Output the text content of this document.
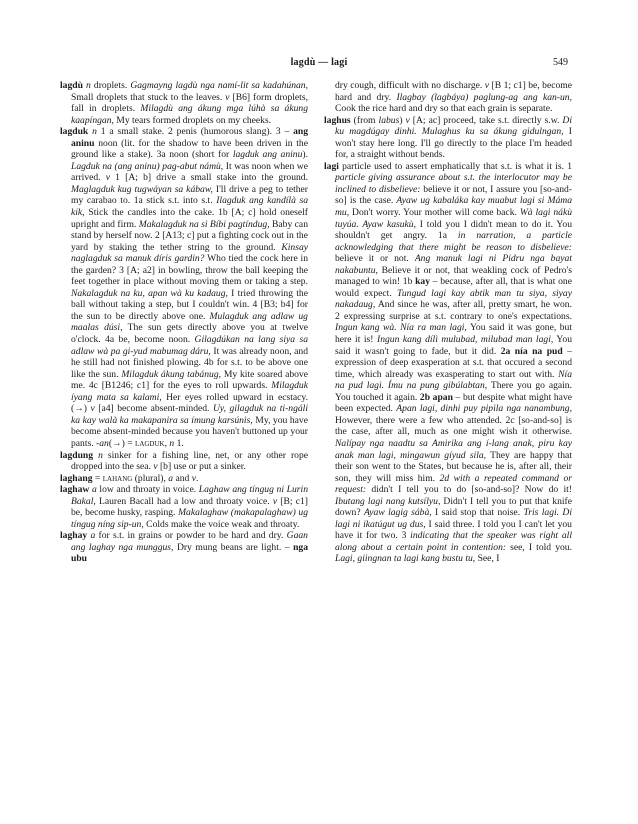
lagdù — lagi	549

lagdù n droplets. Gagmayng lagdù nga namí-lit sa kadahúnan, Small droplets that stuck to the leaves. v [B6] form droplets, fall in droplets. Milagdù ang ákung mga lúhà sa ákung kaapíngan, My tears formed droplets on my cheeks.

lagduk n 1 a small stake. 2 penis (humorous slang). 3 – ang aninu noon (lit. for the shadow to have been driven in the ground like a stake). 3a noon (short for lagduk ang aninu). Lagduk na (ang aninu) pag-abut námù, It was noon when we arrived. v 1 [A; b] drive a small stake into the ground. Maglagduk kug tugwáyan sa kábaw, I'll drive a peg to tether my carabao to. 1a stick s.t. into s.t. Ilagduk ang kandílà sa kik, Stick the candles into the cake. 1b [A; c] hold oneself upright and firm. Makalagduk na si Bíbi pagtíndug, Baby can stand by herself now. 2 [A13; c] put a fighting cock out in the yard by staking the tether string to the ground. Kinsay naglagduk sa manuk díris gardin? Who tied the cock here in the garden? 3 [A; a2] in bowling, throw the ball keeping the feet together in place without moving them or taking a step. Nakalagduk na ku, apan wà ku kadaug, I tried throwing the ball without taking a step, but I couldn't win. 4 [B3; b4] for the sun to be directly above one. Mulagduk ang adlaw ug maalas dúsi, The sun gets directly above you at twelve o'clock. 4a be, become noon. Gilagdúkan na lang siya sa adlaw wà pa gi-yud mabumag dáru, It was already noon, and he still had not finished plowing. 4b for s.t. to be above one like the sun. Milagduk ákung tabánug, My kite soared above me. 4c [B1246; c1] for the eyes to roll upwards. Milagduk íyang mata sa kalami, Her eyes rolled upward in ecstacy. (→) v [a4] become absent-minded. Uy, gilagduk na ti-ngáli ka kay walà ka makapanira sa ímung karsúnis, My, you have become absent-minded because you haven't buttoned up your pants. -an(→) = lagduk, n 1.

lagdung n sinker for a fishing line, net, or any other rope dropped into the sea. v [b] use or put a sinker.

laghang = lahang (plural), a and v.

laghaw a low and throaty in voice. Laghaw ang tíngug ni Lurin Bakal, Lauren Bacall had a low and throaty voice. v [B; c1] be, become husky, rasping. Makalaghaw (makapalaghaw) ug tíngug níng sip-un, Colds make the voice weak and throaty.

laghay a for s.t. in grains or powder to be hard and dry. Gaan ang laghay nga munggus, Dry mung beans are light. – nga ubu

dry cough, difficult with no discharge. v [B 1; c1] be, become hard and dry. Ilagbay (lagbáya) paglung-ag ang kan-un, Cook the rice hard and dry so that each grain is separate.

laghus (from labus) v [A; ac] proceed, take s.t. directly s.w. Di ku magdúgay dinhi. Mulaghus ku sa ákung gidulngan, I won't stay here long. I'll go directly to the place I'm headed for, a straight without bends.

lagi particle used to assert emphatically that s.t. is what it is. 1 particle giving assurance about s.t. the interlocutor may be inclined to disbelieve: believe it or not, I assure you [so-and-so] is the case. Ayaw ug kabaláka kay muabut lagi si Máma mu, Don't worry. Your mother will come back. Wà lagi nákù tuyúa. Ayaw kasukù, I told you I didn't mean to do it. You shouldn't get angry. 1a in narration, a particle acknowledging that there might be reason to disbelieve: believe it or not. Ang manuk lagi ni Pidru nga bayat nakabuntu, Believe it or not, that weakling cock of Pedro's managed to win! 1b kay – because, after all, that is what one would expect. Tungud lagi kay abtik man tu siya, siyay nakadaug, And since he was, after all, pretty smart, he won. 2 expressing surprise at s.t. contrary to one's expectations. Ingun kang wà. Nía ra man lagi, You said it was gone, but here it is! Ingun kang dílì mulubad, milubad man lagi, You said it wasn't going to fade, but it did. 2a nía na pud – expression of deep exasperation at s.t. that occured a second time, which already was exasperating to start out with. Nía na pud lagi. Ímu na pung gibúlabtan, There you go again. You touched it again. 2b apan – but despite what might have been expected. Apan lagi, dinhi puy pipila nga nanambung, However, there were a few who attended. 2c [so-and-so] is the case, after all, much as one might wish it otherwise. Nalípay nga naadtu sa Amirika ang í-lang anak, piru kay anak man lagi, mingawun gíyud sila, They are happy that their son went to the States, but because he is, after all, their son, they will miss him. 2d with a repeated command or request: didn't I tell you to do [so-and-so]? Now do it! Ibutang lagi nang kutsílyu, Didn't I tell you to put that knife down? Ayaw lagig sábà, I said stop that noise. Tris lagi. Di lagi ni ikatúgut ug dus, I said three. I told you I can't let you have it for two. 3 indicating that the speaker was right all along about a certain point in contention: see, I told you. Lagi, giingnan ta lagi kang bustu tu, See, I
